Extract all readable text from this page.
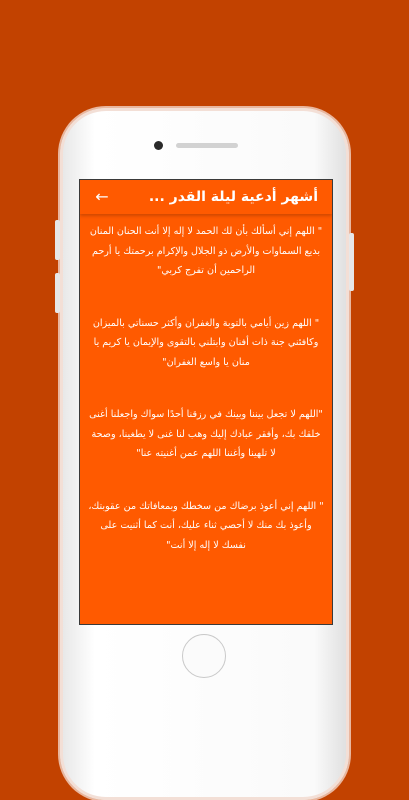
←	أشهر أدعية ليلة القدر ...

" اللهم إني أسألك بأن لك الحمد لا إله إلا أنت الحنان المنان بديع السماوات والأرض ذو الجلال والإكرام برحمتك يا أرحم الراحمين أن تفرج كربي"

" اللهم زين أيامي بالتوبة والغفران وأكثر حسناتي بالميزان وكافئني جنة ذات أفنان وابتلني بالتقوى والإيمان يا كريم يا منان يا واسع الغفران"

"اللهم لا تجعل بيننا وبينك في رزقنا أحدًا سواك واجعلنا أغنى خلقك بك، وأفقر عبادك إليك وهب لنا غنى لا يطغينا، وصحة لا تلهينا وأغننا اللهم عمن أغنيته عنا"

" اللهم إني أعوذ برضاك من سخطك وبمعافاتك من عقوبتك، وأعوذ بك منك لا أحصي ثناء عليك، أنت كما أثنيت على نفسك لا إله إلا أنت"
